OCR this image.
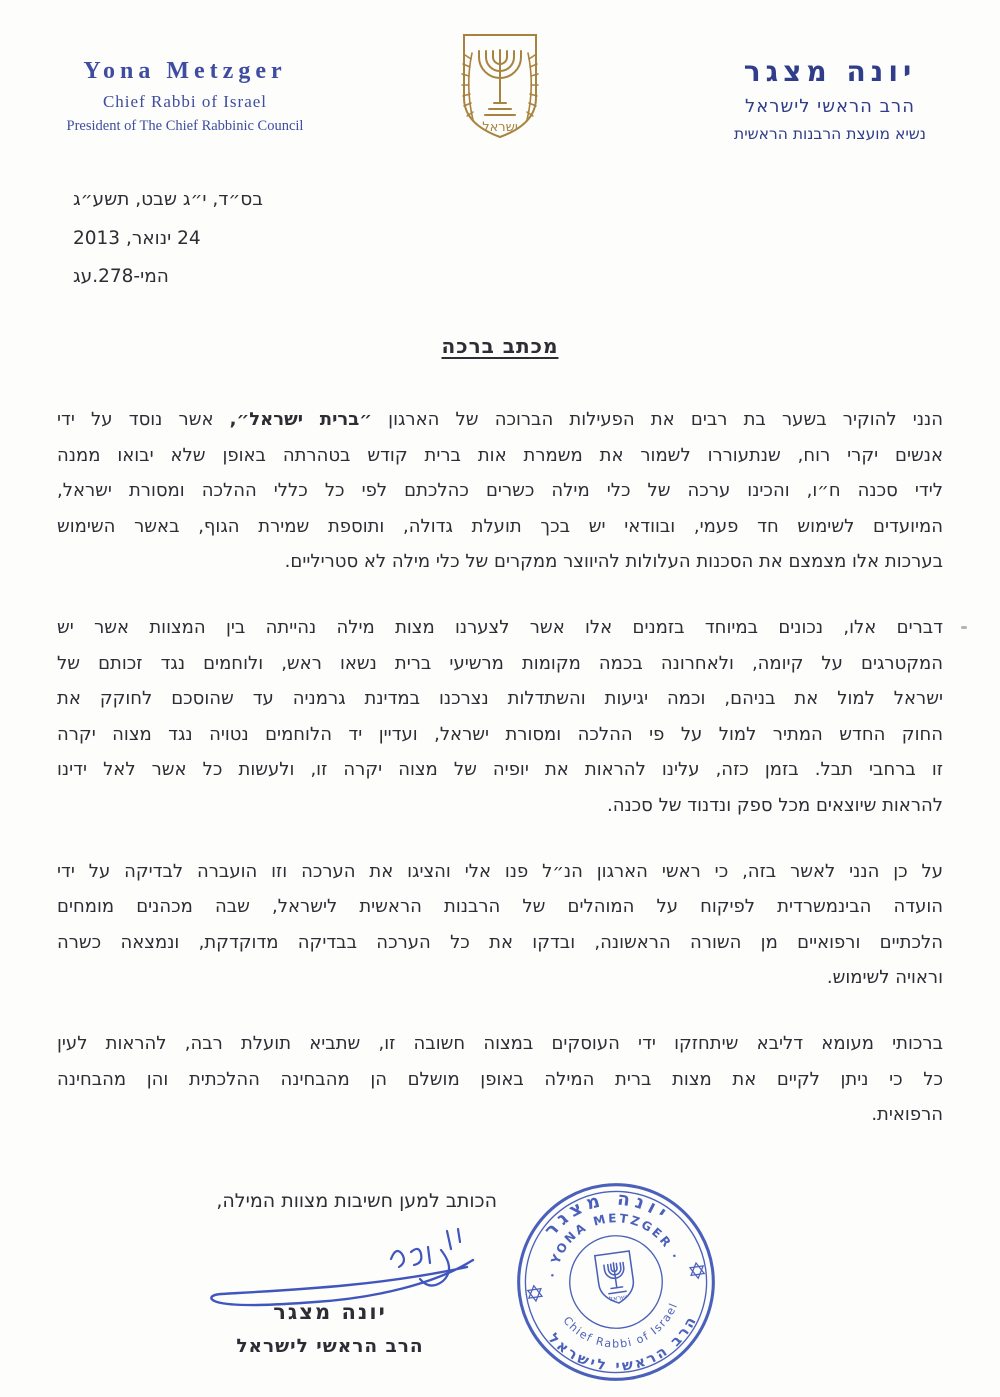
Yona Metzger
Chief Rabbi of Israel
President of The Chief Rabbinic Council	ישראל
יונה מצגר
הרב הראשי לישראל
נשיא מועצת הרבנות הראשית
בס״ד, י״ג שבט, תשע״ג
24 ינואר, 2013
המי-278.עג
מכתב ברכה
הנני להוקיר בשער בת רבים את הפעילות הברוכה של הארגון ״ברית ישראל״, אשר נוסד על ידי
אנשים יקרי רוח, שנתעוררו לשמור את משמרת אות ברית קודש בטהרתה באופן שלא יבואו ממנה
לידי סכנה ח״ו, והכינו ערכה של כלי מילה כשרים כהלכתם לפי כל כללי ההלכה ומסורת ישראל,
המיועדים לשימוש חד פעמי, ובוודאי יש בכך תועלת גדולה, ותוספת שמירת הגוף, באשר השימוש
בערכות אלו מצמצם את הסכנות העלולות להיווצר ממקרים של כלי מילה לא סטריליים.
דברים אלו, נכונים במיוחד בזמנים אלו אשר לצערנו מצות מילה נהייתה בין המצוות אשר יש
המקטרגים על קיומה, ולאחרונה בכמה מקומות מרשיעי ברית נשאו ראש, ולוחמים נגד זכותם של
ישראל למול את בניהם, וכמה יגיעות והשתדלות נצרכנו במדינת גרמניה עד שהוסכם לחוקק את
החוק החדש המתיר למול על פי ההלכה ומסורת ישראל, ועדיין יד הלוחמים נטויה נגד מצוה יקרה
זו ברחבי תבל. בזמן כזה, עלינו להראות את יופיה של מצוה יקרה זו, ולעשות כל אשר לאל ידינו
להראות שיוצאים מכל ספק ונדנוד של סכנה.
על כן הנני לאשר בזה, כי ראשי הארגון הנ״ל פנו אלי והציגו את הערכה וזו הועברה לבדיקה על ידי
הועדה הבינמשרדית לפיקוח על המוהלים של הרבנות הראשית לישראל, שבה מכהנים מומחים
הלכתיים ורפואיים מן השורה הראשונה, ובדקו את כל הערכה בבדיקה מדוקדקת, ונמצאה כשרה
וראויה לשימוש.
ברכותי מעומא דליבא שיתחזקו ידי העוסקים במצוה חשובה זו, שתביא תועלת רבה, להראות לעין
כל כי ניתן לקיים את מצות ברית המילה באופן מושלם הן מהבחינה ההלכתית והן מהבחינה
הרפואית.
הכותב למען חשיבות מצוות המילה,
יונה מצגר
הרב הראשי לישראל
יונה מצגר
· YONA METZGER ·
הרב הראשי לישראל
Chief Rabbi of Israel
ישראל
